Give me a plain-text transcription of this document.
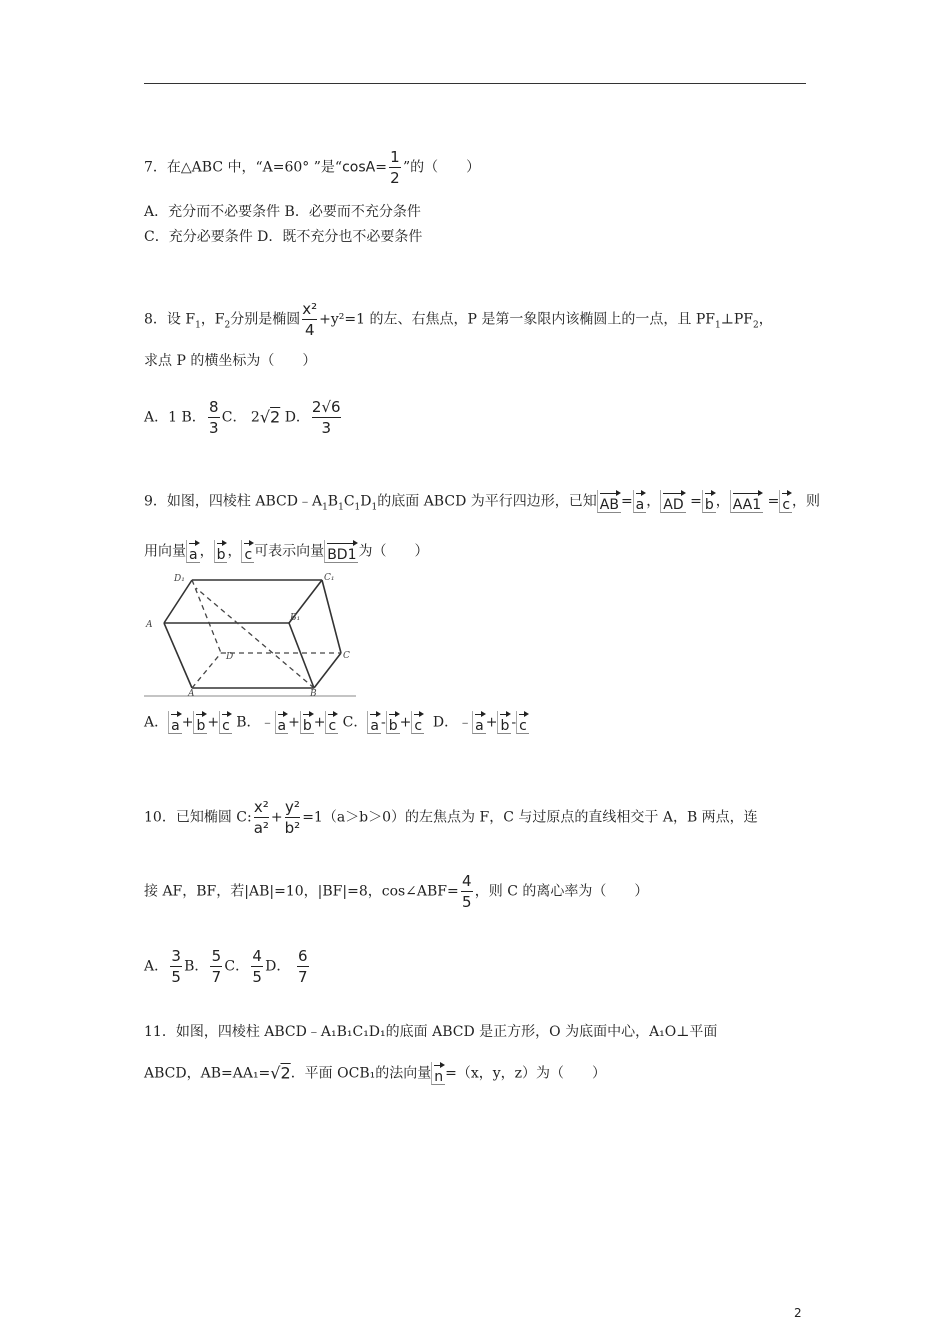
7．在△ABC 中，“A=60° ”是“$\cos A= \frac{1}{2}$ ”的（　　）
A．充分而不必要条件 B．必要而不充分条件
C．充分必要条件 D．既不充分也不必要条件
8．设 $F_1$，$F_2$分别是椭圆 $\frac{\text{x²}}{4} +y^2=1$ 的左、右焦点，P 是第一象限内该椭圆上的一点，且 $PF_1\perp PF_2$，
求点 P 的横坐标为（　　）
A．1 B． $\frac{8}{3}$ C． 2√2 D． $\frac{2√6}{3}$
9．如图，四棱柱 $ABCD﹣A_1B_1C_1D_1$的底面 ABCD 为平行四边形，已知 AB = a ， AD = b ， AA1 = c ，则
用向量 a ， b ， c 可表示向量 BD1 为（　　）
D₁	C₁
A
B₁
D	C
A	B
A． a + b + c B．﹣ a + b + c C． a - b + c D．﹣ a + b - c
10．已知椭圆 C: $\frac{\text{x²}}{\text{a²}} + \frac{\text{y²}}{\text{b²}} =1(a>b>0)$的左焦点为 F，C 与过原点的直线相交于 A，B 两点，连
接 AF，BF，若|AB|=10，|BF|=8，cos∠ABF= $\frac{4}{5}$ ，则 C 的离心率为（　　）
A． $\frac{3}{5}$ B． $\frac{5}{7}$ C． $\frac{4}{5}$ D． $\frac{6}{7}$
11．如图，四棱柱 ABCD﹣A₁B₁C₁D₁的底面 ABCD 是正方形，O 为底面中心，A₁O⊥平面
ABCD，AB=AA₁=√2．平面 OCB₁的法向量 n =（x，y，z）为（　　）
2
